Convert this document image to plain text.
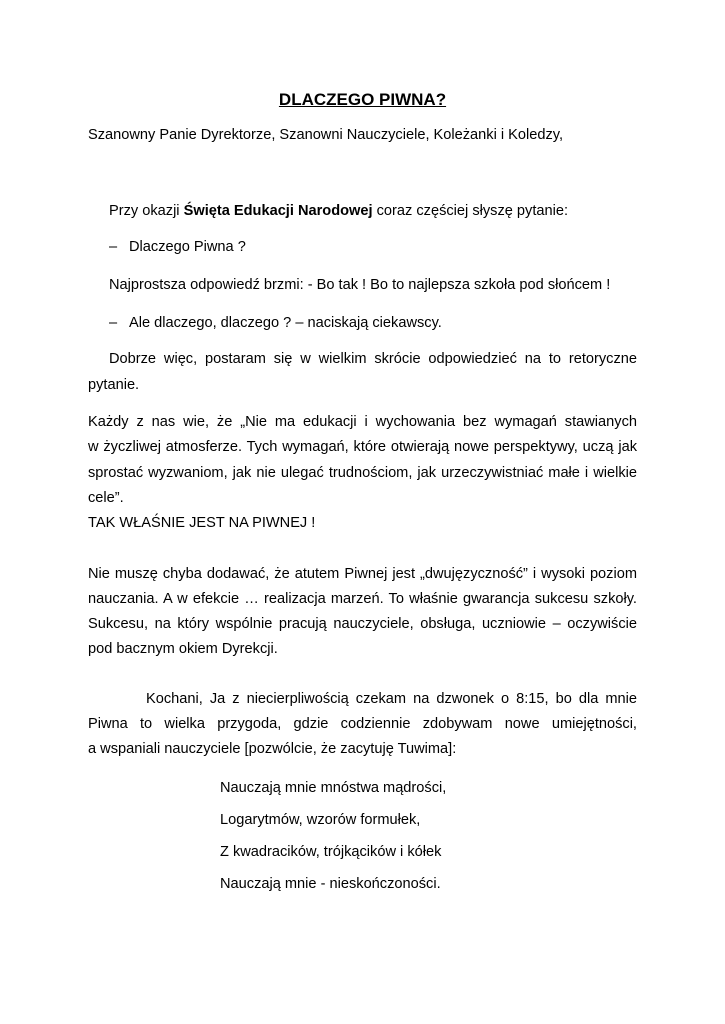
DLACZEGO PIWNA?
Szanowny Panie Dyrektorze, Szanowni Nauczyciele, Koleżanki i Koledzy,
Przy okazji Święta Edukacji Narodowej coraz częściej słyszę pytanie:
– Dlaczego Piwna ?
Najprostsza odpowiedź brzmi: - Bo tak ! Bo to najlepsza szkoła pod słońcem !
– Ale dlaczego, dlaczego ? – naciskają ciekawscy.
Dobrze więc, postaram się w wielkim skrócie odpowiedzieć na to retoryczne
pytanie.
Każdy z nas wie, że „Nie ma edukacji i wychowania bez wymagań stawianych
w życzliwej atmosferze. Tych wymagań, które otwierają nowe perspektywy, uczą jak
sprostać wyzwaniom, jak nie ulegać trudnościom, jak urzeczywistniać małe i wielkie
cele”.
TAK WŁAŚNIE JEST NA PIWNEJ !
Nie muszę chyba dodawać, że atutem Piwnej jest „dwujęzyczność” i wysoki poziom
nauczania. A w efekcie … realizacja marzeń. To właśnie gwarancja sukcesu szkoły.
Sukcesu, na który wspólnie pracują nauczyciele, obsługa, uczniowie – oczywiście
pod bacznym okiem Dyrekcji.
Kochani, Ja z niecierpliwością czekam na dzwonek o 8:15, bo dla mnie
Piwna to wielka przygoda, gdzie codziennie zdobywam nowe umiejętności,
a wspaniali nauczyciele [pozwólcie, że zacytuję Tuwima]:
Nauczają mnie mnóstwa mądrości,
Logarytmów, wzorów formułek,
Z kwadracików, trójkącików i kółek
Nauczają mnie - nieskończoności.
